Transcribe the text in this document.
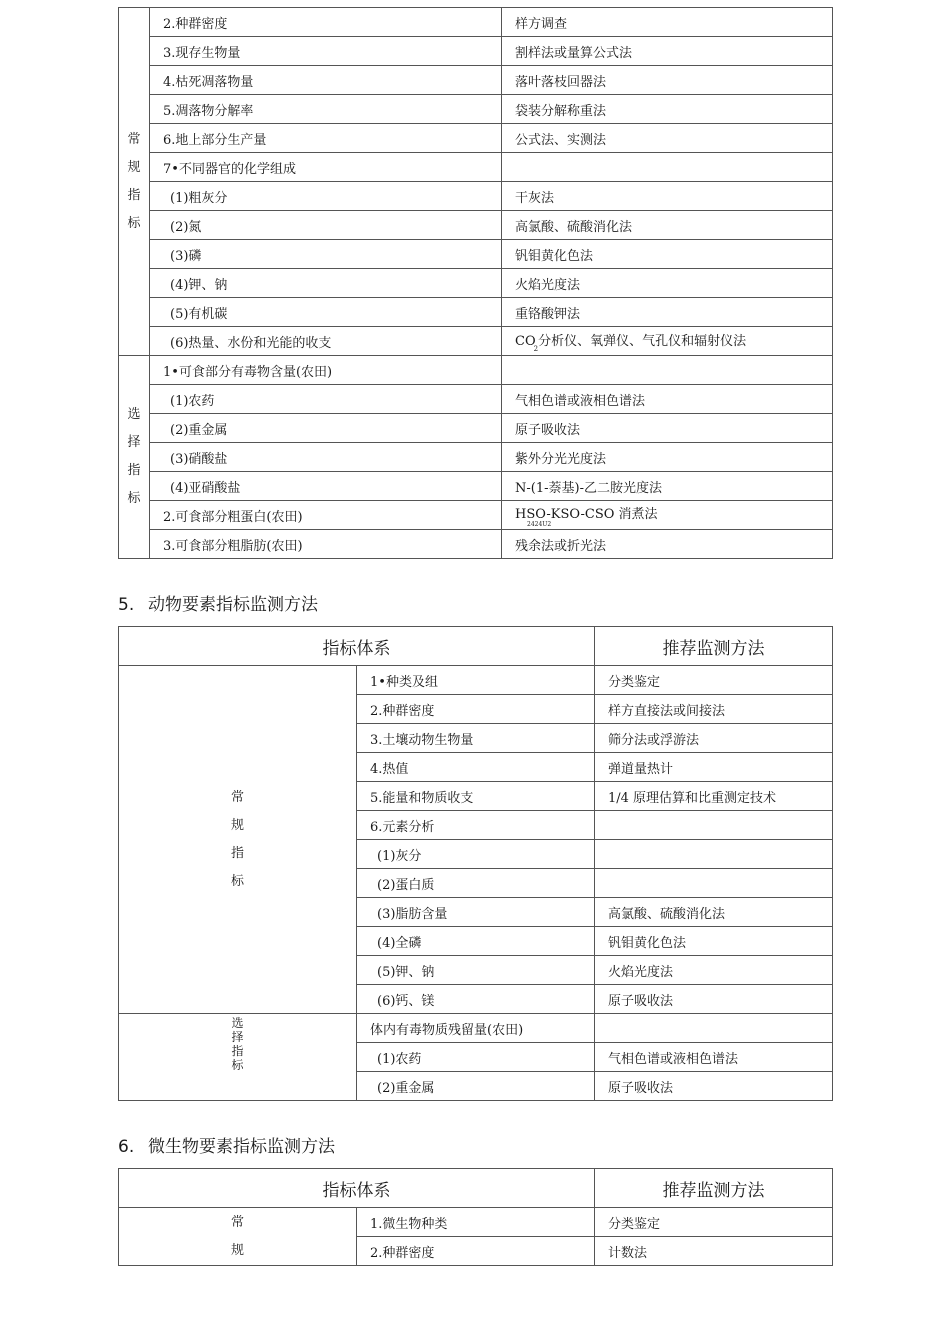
常规指标	2.种群密度	样方调查
	3.现存生物量	割样法或量算公式法
	4.枯死凋落物量	落叶落枝回器法
	5.凋落物分解率	袋装分解称重法
	6.地上部分生产量	公式法、实测法
	7•不同器官的化学组成	
	(1)粗灰分	干灰法
	(2)氮	高氯酸、硫酸消化法
	(3)磷	钒钼黄化色法
	(4)钾、钠	火焰光度法
	(5)有机碳	重铬酸钾法
	(6)热量、水份和光能的收支	$CO_2$分析仪、氧弹仪、气孔仪和辐射仪法
选择指标	1•可食部分有毒物含量(农田)	
	(1)农药	气相色谱或液相色谱法
	(2)重金属	原子吸收法
	(3)硝酸盐	紫外分光光度法
	(4)亚硝酸盐	N-(1-萘基)-乙二胺光度法
	2.可食部分粗蛋白(农田)	HSO-KSO-CSO 消煮法
2424U2

	3.可食部分粗脂肪(农田)	残余法或折光法
5. 动物要素指标监测方法
指标体系		推荐监测方法
常规指标	1•种类及组	分类鉴定
	2.种群密度	样方直接法或间接法
	3.土壤动物生物量	筛分法或浮游法
	4.热值	弹道量热计
	5.能量和物质收支	1/4 原理估算和比重测定技术
	6.元素分析	
	(1)灰分	
	(2)蛋白质	
	(3)脂肪含量	高氯酸、硫酸消化法
	(4)全磷	钒钼黄化色法
	(5)钾、钠	火焰光度法
	(6)钙、镁	原子吸收法
选择指标	体内有毒物质残留量(农田)	
	(1)农药	气相色谱或液相色谱法
	(2)重金属	原子吸收法
6. 微生物要素指标监测方法
指标体系		推荐监测方法
常规	1.微生物种类	分类鉴定
	2.种群密度	计数法
